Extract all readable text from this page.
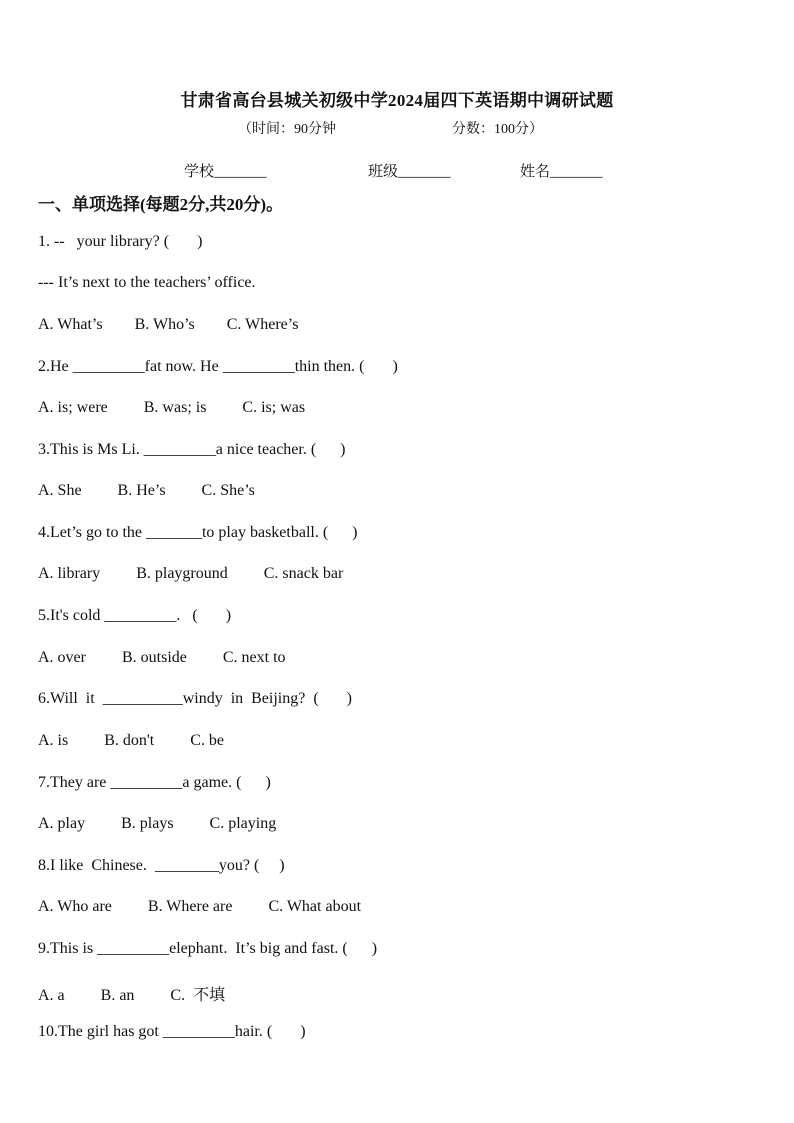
甘肃省高台县城关初级中学2024届四下英语期中调研试题
（时间：90分钟	分数：100分）
学校_______	班级_______	姓名_______
一、单项选择(每题2分,共20分)。
1. --   your library? (       )
--- It’s next to the teachers’ office.
A. What’s        B. Who’s        C. Where’s
2.He _________fat now. He _________thin then. (       )
A. is; were         B. was; is         C. is; was
3.This is Ms Li. _________a nice teacher. (      )
A. She         B. He’s         C. She’s
4.Let’s go to the _______to play basketball. (      )
A. library         B. playground         C. snack bar
5.It's cold _________.   (       )
A. over         B. outside         C. next to
6.Will  it  __________windy  in  Beijing?  (       )
A. is         B. don't         C. be
7.They are _________a game. (      )
A. play         B. plays         C. playing
8.I like  Chinese.  ________you? (     )
A. Who are         B. Where are         C. What about
9.This is _________elephant.  It’s big and fast. (      )
A. a         B. an         C.  不填
10.The girl has got _________hair. (       )
